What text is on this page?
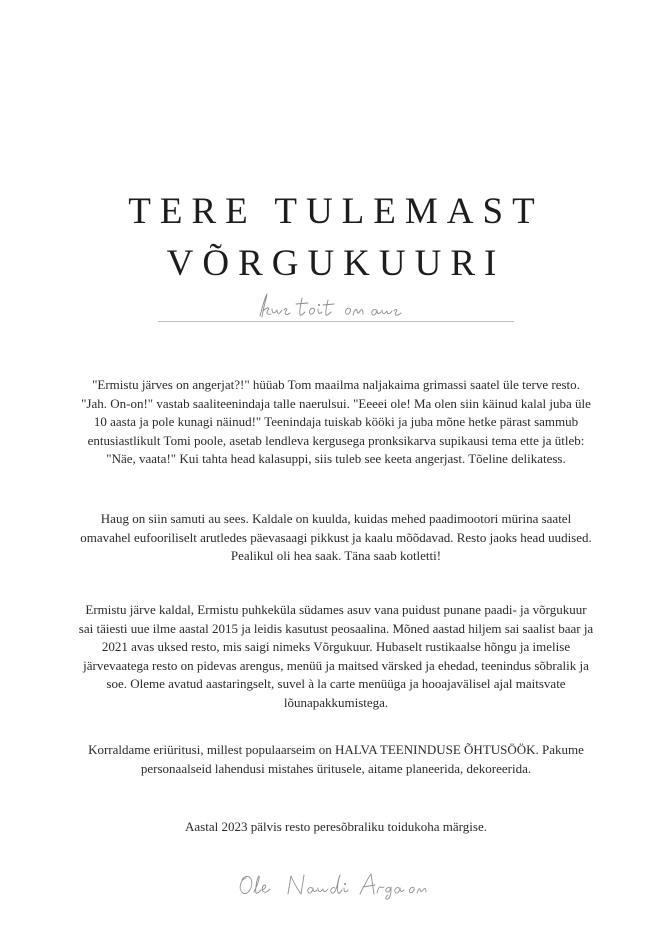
TERE TULEMAST
VÕRGUKUURI

"Ermistu järves on angerjat?!" hüüab Tom maailma naljakaima grimassi saatel üle terve resto. "Jah. On-on!" vastab saaliteenindaja talle naerulsui. "Eeeei ole! Ma olen siin käinud kalal juba üle 10 aasta ja pole kunagi näinud!" Teenindaja tuiskab kööki ja juba mõne hetke pärast sammub entusiastlikult Tomi poole, asetab lendleva kergusega pronksikarva supikausi tema ette ja ütleb: "Näe, vaata!" Kui tahta head kalasuppi, siis tuleb see keeta angerjast. Tõeline delikatess.

Haug on siin samuti au sees. Kaldale on kuulda, kuidas mehed paadimootori mürina saatel omavahel eufooriliselt arutledes päevasaagi pikkust ja kaalu mõõdavad. Resto jaoks head uudised. Pealikul oli hea saak. Täna saab kotletti!

Ermistu järve kaldal, Ermistu puhkeküla südames asuv vana puidust punane paadi- ja võrgukuur sai täiesti uue ilme aastal 2015 ja leidis kasutust peosaalina. Mõned aastad hiljem sai saalist baar ja 2021 avas uksed resto, mis saigi nimeks Võrgukuur. Hubaselt rustikaalse hõngu ja imelise järvevaatega resto on pidevas arengus, menüü ja maitsed värsked ja ehedad, teenindus sõbralik ja soe. Oleme avatud aastaringselt, suvel à la carte menüüga ja hooajavälisel ajal maitsvate lõunapakkumistega.

Korraldame eriüritusi, millest populaarseim on HALVA TEENINDUSE ÕHTUSÖÖK. Pakume personaalseid lahendusi mistahes üritusele, aitame planeerida, dekoreerida.

Aastal 2023 pälvis resto peresõbraliku toidukoha märgise.
